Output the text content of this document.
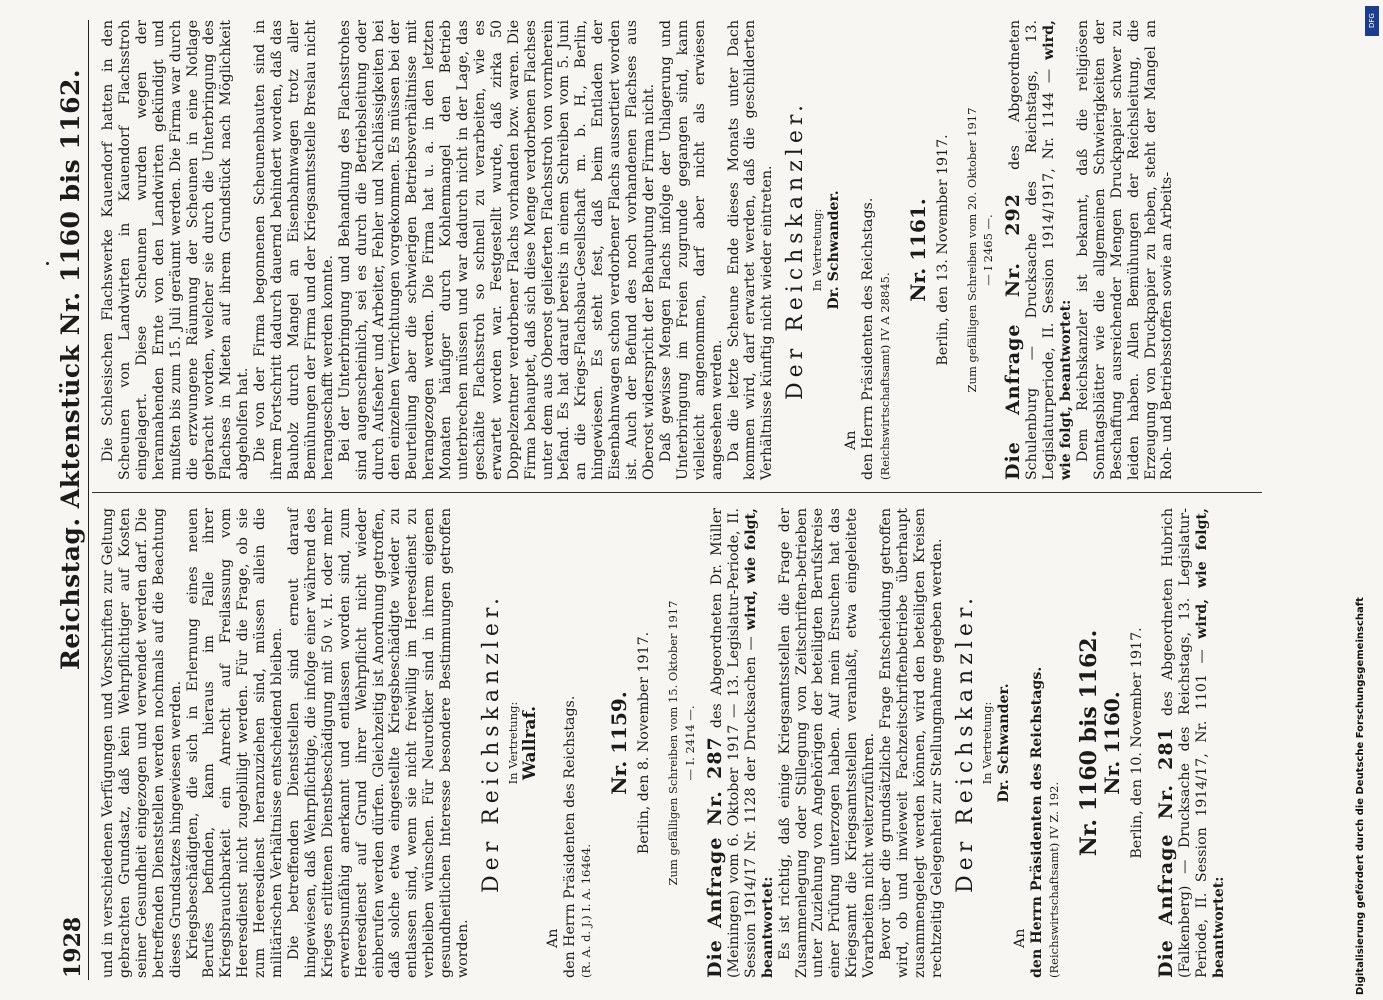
1928
Reichstag. Aktenstück Nr. 1160 bis 1162.

und in verschiedenen Verfügungen und Vorschriften zur Geltung gebrachten Grundsatz, daß kein Wehrpflichtiger auf Kosten seiner Gesundheit eingezogen und verwendet werden darf. Die betreffenden Dienststellen werden nochmals auf die Beachtung dieses Grundsatzes hingewiesen werden. Kriegsbeschädigten, die sich in Erlernung eines neuen Berufes befinden, kann hieraus im Falle ihrer Kriegsbrauchbarkeit ein Anrecht auf Freilassung vom Heeresdienst nicht zugebilligt werden. Für die Frage, ob sie zum Heeresdienst heranzuziehen sind, müssen allein die militärischen Verhältnisse entscheidend bleiben. Die betreffenden Dienststellen sind erneut darauf hingewiesen, daß Wehrpflichtige, die infolge einer während des Krieges erlittenen Dienstbeschädigung mit 50 v. H. oder mehr erwerbsunfähig anerkannt und entlassen worden sind, zum Heeresdienst auf Grund ihrer Wehrpflicht nicht wieder einberufen werden dürfen. Gleichzeitig ist Anordnung getroffen, daß solche etwa eingestellte Kriegsbeschädigte wieder zu entlassen sind, wenn sie nicht freiwillig im Heeresdienst zu verbleiben wünschen. Für Neurotiker sind in ihrem eigenen gesundheitlichen Interesse besondere Bestimmungen getroffen worden.

Der Reichskanzler. In Vertretung: Wallraf.
An den Herrn Präsidenten des Reichstags. (R. A. d. J.) I. A. 16464.
Nr. 1159. Berlin, den 8. November 1917. Zum gefälligen Schreiben vom 15. Oktober 1917 — I. 2414 —. Die Anfrage Nr. 287 des Abgeordneten Dr. Müller (Meiningen) vom 6. Oktober 1917 — 13. Legislatur-Periode, II. Session 1914/17 Nr. 1128 der Drucksachen — wird, wie folgt, beantwortet: Es ist richtig, daß einige Kriegsamtsstellen die Frage der Zusammenlegung oder Stillegung von Zeitschriften-betrieben unter Zuziehung von Angehörigen der beteiligten Berufskreise einer Prüfung unterzogen haben. Auf mein Ersuchen hat das Kriegsamt die Kriegsamtsstellen veranlaßt, etwa eingeleitete Vorarbeiten nicht weiterzuführen. Bevor über die grundsätzliche Frage Entscheidung getroffen wird, ob und inwieweit Fachzeitschriftenbetriebe überhaupt zusammengelegt werden können, wird den beteiligten Kreisen rechtzeitig Gelegenheit zur Stellungnahme gegeben werden. Der Reichskanzler. In Vertretung: Dr. Schwander.
An den Herrn Präsidenten des Reichstags. (Reichswirtschaftsamt) IV Z. 192.
Nr. 1160 bis 1162.
Nr. 1160. Berlin, den 10. November 1917. Die Anfrage Nr. 281 des Abgeordneten Hubrich (Falkenberg) — Drucksache des Reichstags, 13. Legislatur-Periode, II. Session 1914/17, Nr. 1101 — wird, wie folgt, beantwortet:

Die Schlesischen Flachswerke Kauendorf hatten in den Scheunen von Landwirten in Kauendorf Flachsstroh eingelagert. Diese Scheunen wurden wegen der herannahenden Ernte von den Landwirten gekündigt und mußten bis zum 15. Juli geräumt werden. Die Firma war durch die erzwungene Räumung der Scheunen in eine Notlage gebracht worden, welcher sie durch die Unterbringung des Flachses in Mieten auf ihrem Grundstück nach Möglichkeit abgeholfen hat. Die von der Firma begonnenen Scheunenbauten sind in ihrem Fortschritt dadurch dauernd behindert worden, daß das Bauholz durch Mangel an Eisenbahnwagen trotz aller Bemühungen der Firma und der Kriegsamtsstelle Breslau nicht herangeschafft werden konnte. Bei der Unterbringung und Behandlung des Flachsstrohes sind augenscheinlich, sei es durch die Betriebsleitung oder durch Aufseher und Arbeiter, Fehler und Nachlässigkeiten bei den einzelnen Verrichtungen vorgekommen. Es müssen bei der Beurteilung aber die schwierigen Betriebsverhältnisse mit herangezogen werden. Die Firma hat u. a. in den letzten Monaten häufiger durch Kohlenmangel den Betrieb unterbrechen müssen und war dadurch nicht in der Lage, das geschälte Flachsstroh so schnell zu verarbeiten, wie es erwartet worden war. Festgestellt wurde, daß zirka 50 Doppelzentner verdorbener Flachs vorhanden bzw. waren. Die Firma behauptet, daß sich diese Menge verdorbenen Flachses unter dem aus Oberost gelieferten Flachsstroh von vornherein befand. Es hat darauf bereits in einem Schreiben vom 5. Juni an die Kriegs-Flachsbau-Gesellschaft m. b. H., Berlin, hingewiesen. Es steht fest, daß beim Entladen der Eisenbahnwagen schon verdorbener Flachs aussortiert worden ist. Auch der Befund des noch vorhandenen Flachses aus Oberost widerspricht der Behauptung der Firma nicht. Daß gewisse Mengen Flachs infolge der Unlagerung und Unterbringung im Freien zugrunde gegangen sind, kann vielleicht angenommen, darf aber nicht als erwiesen angesehen werden. Da die letzte Scheune Ende dieses Monats unter Dach kommen wird, darf erwartet werden, daß die geschilderten Verhältnisse künftig nicht wieder eintreten. Der Reichskanzler. In Vertretung: Dr. Schwander.
An den Herrn Präsidenten des Reichstags. (Reichswirtschaftsamt) IV A 28845.
Nr. 1161. Berlin, den 13. November 1917. Zum gefälligen Schreiben vom 20. Oktober 1917 — I 2465 —. Die Anfrage Nr. 292 des Abgeordneten Schulenburg — Drucksache des Reichstags, 13. Legislaturperiode, II. Session 1914/1917, Nr. 1144 — wird, wie folgt, beantwortet: Dem Reichskanzler ist bekannt, daß die religiösen Sonntagsblätter wie die allgemeinen Schwierigkeiten der Beschaffung ausreichender Mengen Druckpapier schwer zu leiden haben. Allen Bemühungen der Reichsleitung, die Erzeugung von Druckpapier zu heben, steht der Mangel an Roh- und Betriebsstoffen sowie an Arbeits-

Digitalisierung gefördert durch die Deutsche Forschungsgemeinschaft
DFG
